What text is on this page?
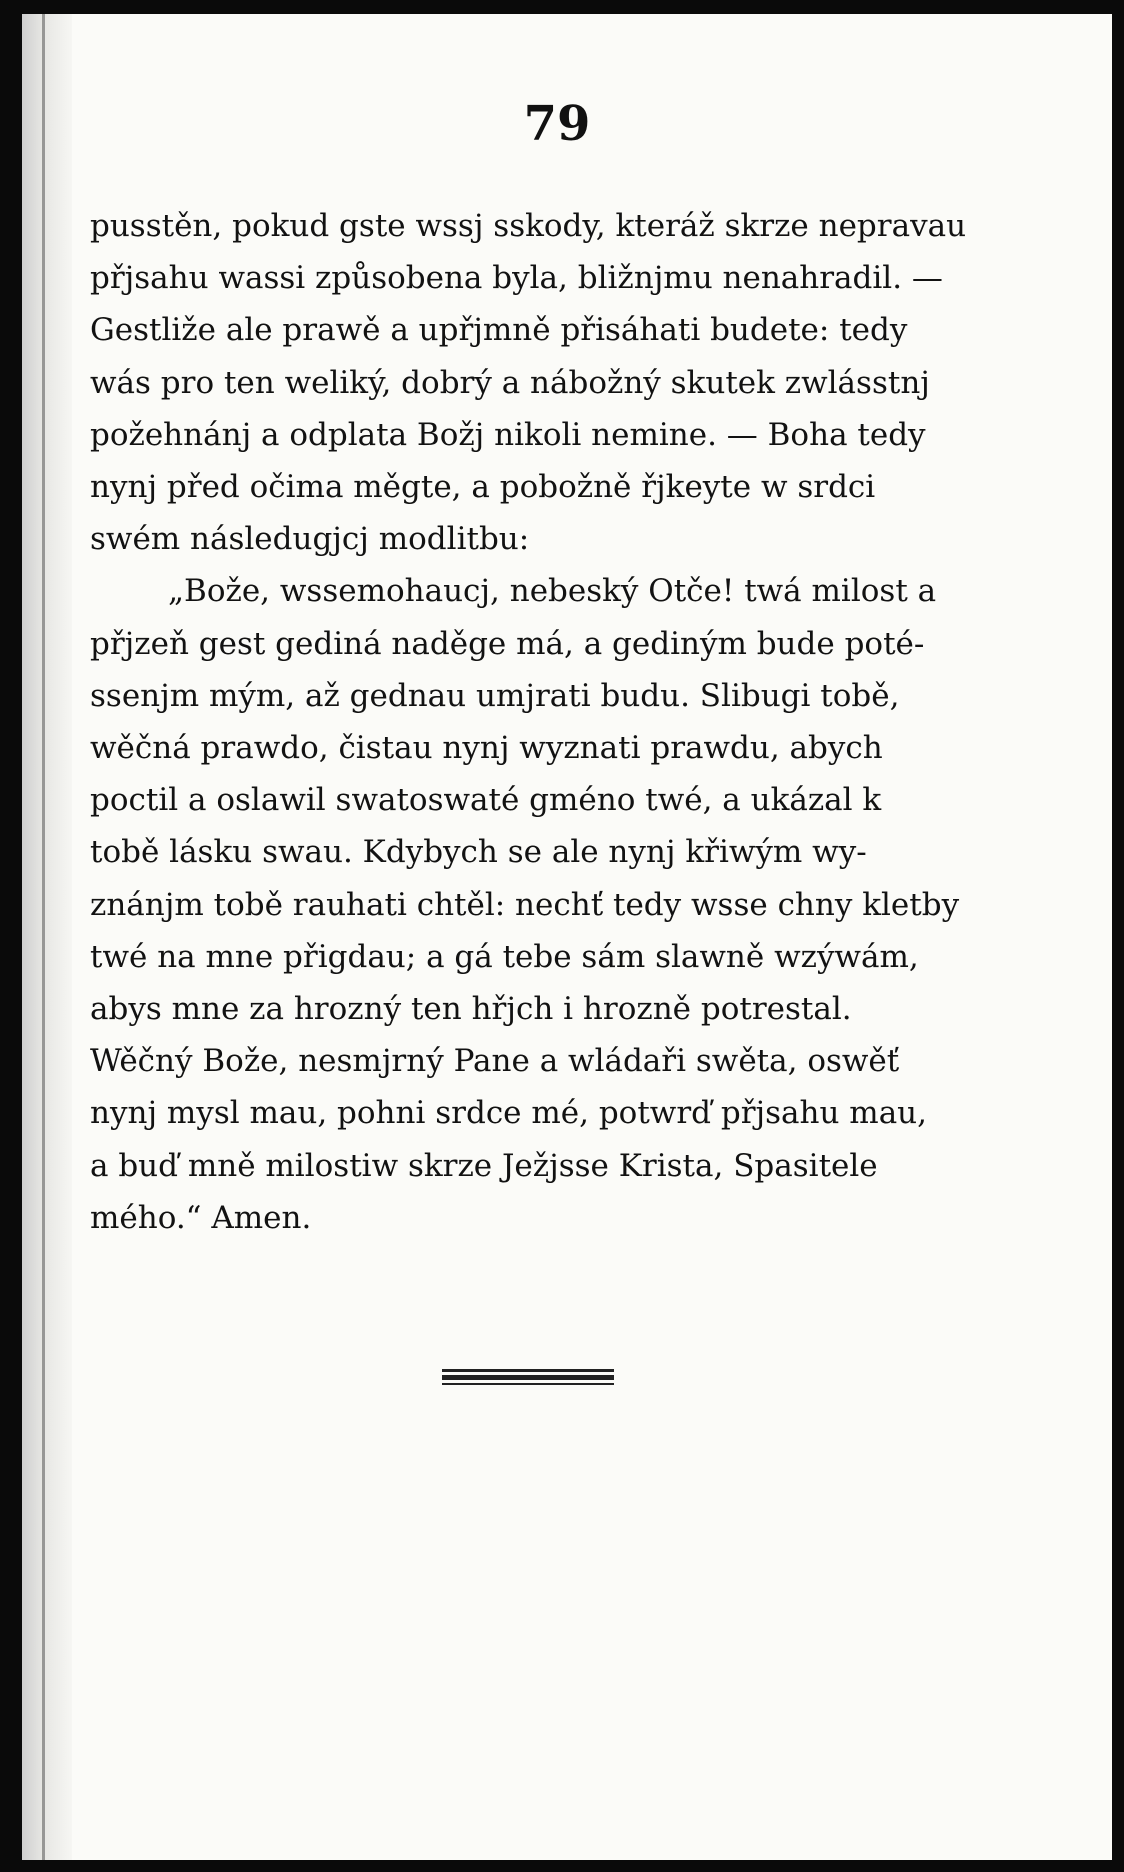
79

pusstěn, pokud gste wssj sskody, kteráž skrze nepravau
přjsahu wassi způsobena byla, bližnjmu nenahradil. —
Gestliže ale prawě a upřjmně přisáhati budete: tedy
wás pro ten weliký, dobrý a nábožný skutek zwlásstnj
požehnánj a odplata Božj nikoli nemine. — Boha tedy
nynj před očima měgte, a pobožně řjkeyte w srdci
swém následugjcj modlitbu:

„Bože, wssemohaucj, nebeský Otče! twá milost a
přjzeň gest gediná naděge má, a gediným bude poté-
ssenjm mým, až gednau umjrati budu. Slibugi tobě,
wěčná prawdo, čistau nynj wyznati prawdu, abych
poctil a oslawil swatoswaté gméno twé, a ukázal k
tobě lásku swau. Kdybych se ale nynj křiwým wy-
znánjm tobě rauhati chtěl: nechť tedy wsse chny kletby
twé na mne přigdau; a gá tebe sám slawně wzýwám,
abys mne za hrozný ten hřjch i hrozně potrestal.
Wěčný Bože, nesmjrný Pane a wládaři swěta, oswěť
nynj mysl mau, pohni srdce mé, potwrď přjsahu mau,
a buď mně milostiw skrze Ježjsse Krista, Spasitele
mého.“ Amen.
